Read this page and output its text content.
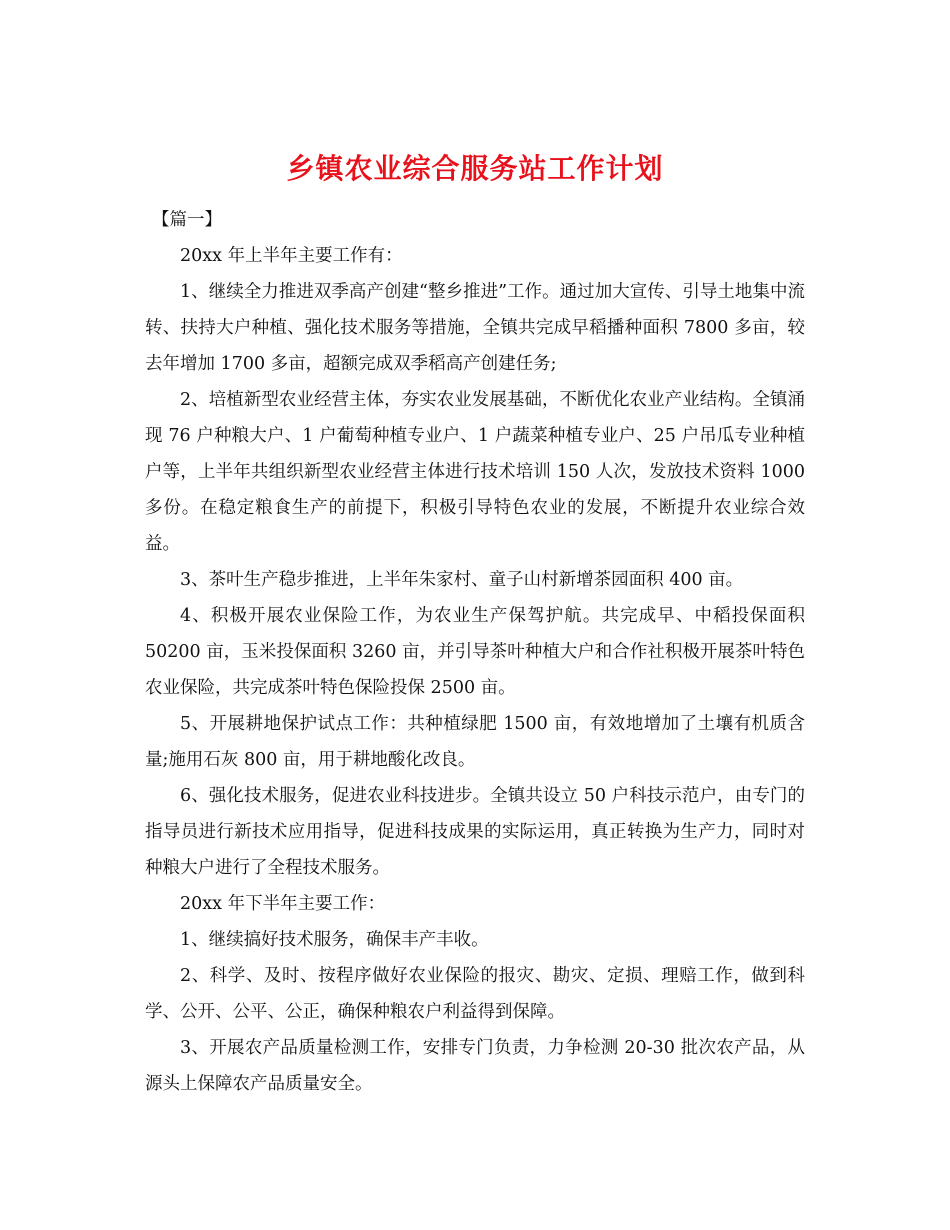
乡镇农业综合服务站工作计划

【篇一】

20xx 年上半年主要工作有：

1、继续全力推进双季高产创建“整乡推进”工作。通过加大宣传、引导土地集中流转、扶持大户种植、强化技术服务等措施，全镇共完成早稻播种面积 7800 多亩，较去年增加 1700 多亩，超额完成双季稻高产创建任务;

2、培植新型农业经营主体，夯实农业发展基础，不断优化农业产业结构。全镇涌现 76 户种粮大户、1 户葡萄种植专业户、1 户蔬菜种植专业户、25 户吊瓜专业种植户等，上半年共组织新型农业经营主体进行技术培训 150 人次，发放技术资料 1000 多份。在稳定粮食生产的前提下，积极引导特色农业的发展，不断提升农业综合效益。

3、茶叶生产稳步推进，上半年朱家村、童子山村新增茶园面积 400 亩。

4、积极开展农业保险工作，为农业生产保驾护航。共完成早、中稻投保面积 50200 亩，玉米投保面积 3260 亩，并引导茶叶种植大户和合作社积极开展茶叶特色农业保险，共完成茶叶特色保险投保 2500 亩。

5、开展耕地保护试点工作：共种植绿肥 1500 亩，有效地增加了土壤有机质含量;施用石灰 800 亩，用于耕地酸化改良。

6、强化技术服务，促进农业科技进步。全镇共设立 50 户科技示范户，由专门的指导员进行新技术应用指导，促进科技成果的实际运用，真正转换为生产力，同时对种粮大户进行了全程技术服务。

20xx 年下半年主要工作：

1、继续搞好技术服务，确保丰产丰收。

2、科学、及时、按程序做好农业保险的报灾、勘灾、定损、理赔工作，做到科学、公开、公平、公正，确保种粮农户利益得到保障。

3、开展农产品质量检测工作，安排专门负责，力争检测 20-30 批次农产品，从源头上保障农产品质量安全。
